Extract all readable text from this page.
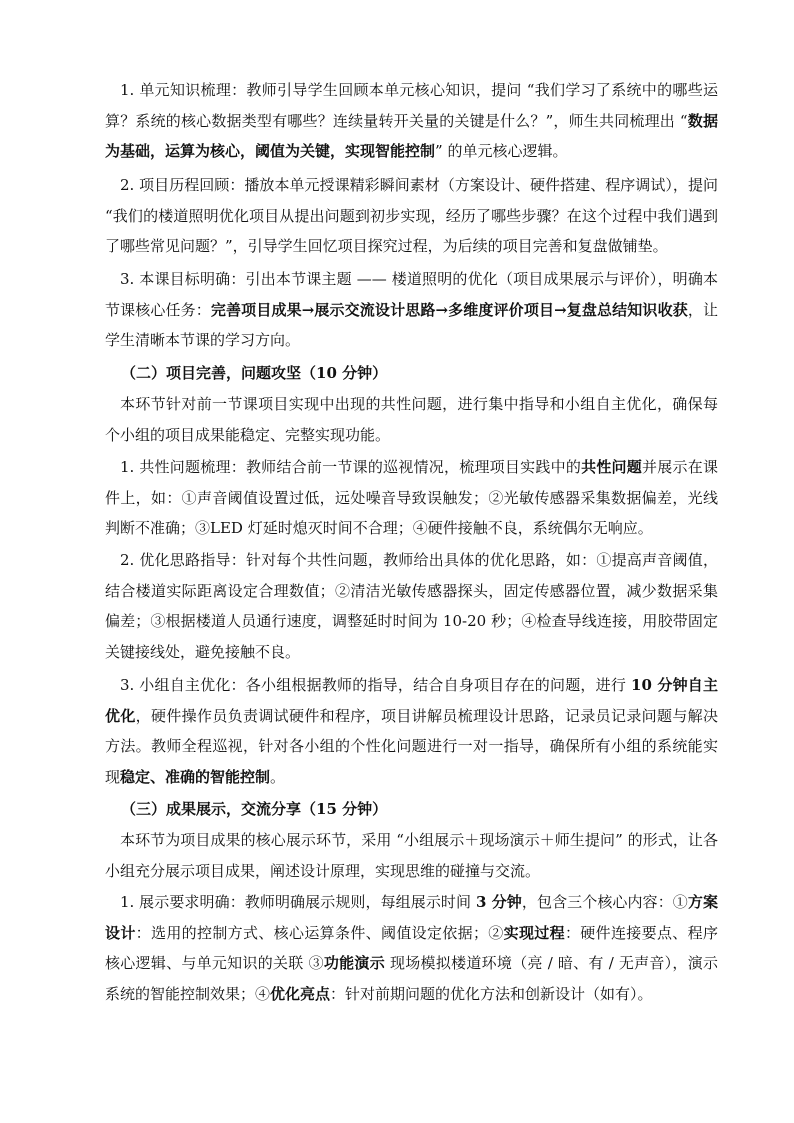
1. 单元知识梳理：教师引导学生回顾本单元核心知识，提问 “我们学习了系统中的哪些运算？系统的核心数据类型有哪些？连续量转开关量的关键是什么？”，师生共同梳理出 “数据为基础，运算为核心，阈值为关键，实现智能控制” 的单元核心逻辑。

2. 项目历程回顾：播放本单元授课精彩瞬间素材（方案设计、硬件搭建、程序调试），提问 “我们的楼道照明优化项目从提出问题到初步实现，经历了哪些步骤？在这个过程中我们遇到了哪些常见问题？”，引导学生回忆项目探究过程，为后续的项目完善和复盘做铺垫。

3. 本课目标明确：引出本节课主题 —— 楼道照明的优化（项目成果展示与评价），明确本节课核心任务：完善项目成果→展示交流设计思路→多维度评价项目→复盘总结知识收获，让学生清晰本节课的学习方向。

（二）项目完善，问题攻坚（10 分钟）

本环节针对前一节课项目实现中出现的共性问题，进行集中指导和小组自主优化，确保每个小组的项目成果能稳定、完整实现功能。

1. 共性问题梳理：教师结合前一节课的巡视情况，梳理项目实践中的共性问题并展示在课件上，如：①声音阈值设置过低，远处噪音导致误触发；②光敏传感器采集数据偏差，光线判断不准确；③LED 灯延时熄灭时间不合理；④硬件接触不良，系统偶尔无响应。

2. 优化思路指导：针对每个共性问题，教师给出具体的优化思路，如：①提高声音阈值，结合楼道实际距离设定合理数值；②清洁光敏传感器探头，固定传感器位置，减少数据采集偏差；③根据楼道人员通行速度，调整延时时间为 10-20 秒；④检查导线连接，用胶带固定关键接线处，避免接触不良。

3. 小组自主优化：各小组根据教师的指导，结合自身项目存在的问题，进行 10 分钟自主优化，硬件操作员负责调试硬件和程序，项目讲解员梳理设计思路，记录员记录问题与解决方法。教师全程巡视，针对各小组的个性化问题进行一对一指导，确保所有小组的系统能实现稳定、准确的智能控制。

（三）成果展示，交流分享（15 分钟）

本环节为项目成果的核心展示环节，采用 “小组展示＋现场演示＋师生提问” 的形式，让各小组充分展示项目成果，阐述设计原理，实现思维的碰撞与交流。

1. 展示要求明确：教师明确展示规则，每组展示时间 3 分钟，包含三个核心内容：①方案设计：选用的控制方式、核心运算条件、阈值设定依据；②实现过程：硬件连接要点、程序核心逻辑、与单元知识的关联 ③功能演示 现场模拟楼道环境（亮 / 暗、有 / 无声音），演示系统的智能控制效果；④优化亮点：针对前期问题的优化方法和创新设计（如有）。
